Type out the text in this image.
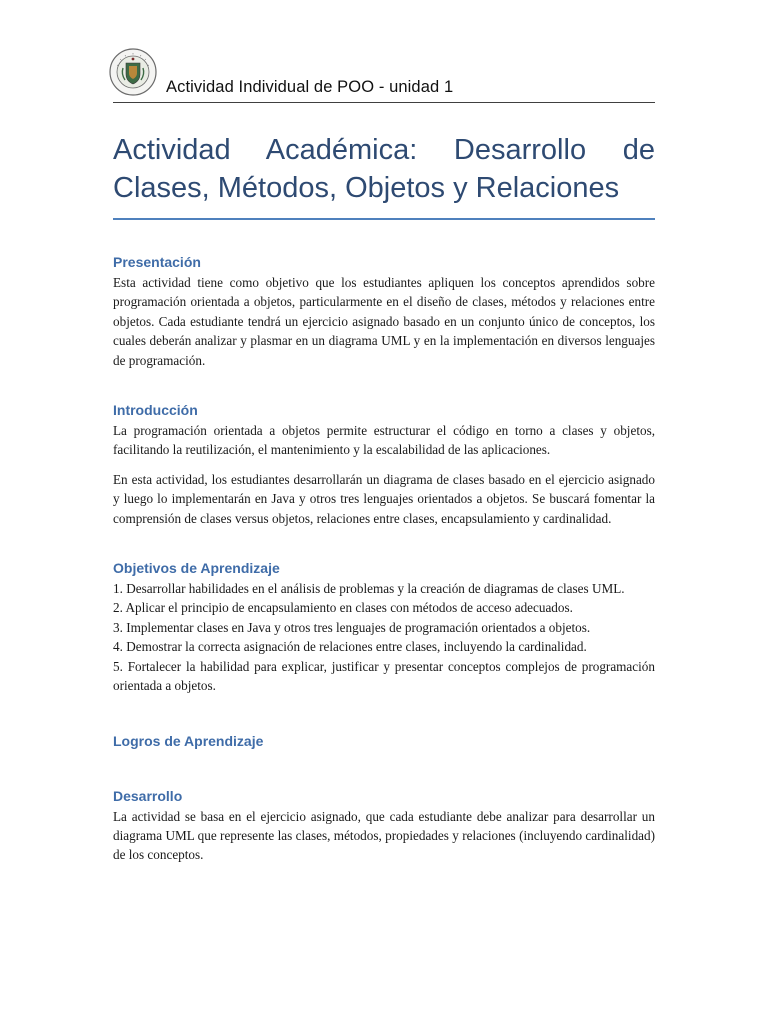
Actividad Individual de POO - unidad 1
Actividad Académica: Desarrollo de Clases, Métodos, Objetos y Relaciones
Presentación

Esta actividad tiene como objetivo que los estudiantes apliquen los conceptos aprendidos sobre programación orientada a objetos, particularmente en el diseño de clases, métodos y relaciones entre objetos. Cada estudiante tendrá un ejercicio asignado basado en un conjunto único de conceptos, los cuales deberán analizar y plasmar en un diagrama UML y en la implementación en diversos lenguajes de programación.

Introducción

La programación orientada a objetos permite estructurar el código en torno a clases y objetos, facilitando la reutilización, el mantenimiento y la escalabilidad de las aplicaciones.

En esta actividad, los estudiantes desarrollarán un diagrama de clases basado en el ejercicio asignado y luego lo implementarán en Java y otros tres lenguajes orientados a objetos. Se buscará fomentar la comprensión de clases versus objetos, relaciones entre clases, encapsulamiento y cardinalidad.

Objetivos de Aprendizaje

1. Desarrollar habilidades en el análisis de problemas y la creación de diagramas de clases UML.

2. Aplicar el principio de encapsulamiento en clases con métodos de acceso adecuados.

3. Implementar clases en Java y otros tres lenguajes de programación orientados a objetos.

4. Demostrar la correcta asignación de relaciones entre clases, incluyendo la cardinalidad.

5. Fortalecer la habilidad para explicar, justificar y presentar conceptos complejos de programación orientada a objetos.

Logros de Aprendizaje
Desarrollo

La actividad se basa en el ejercicio asignado, que cada estudiante debe analizar para desarrollar un diagrama UML que represente las clases, métodos, propiedades y relaciones (incluyendo cardinalidad) de los conceptos.
